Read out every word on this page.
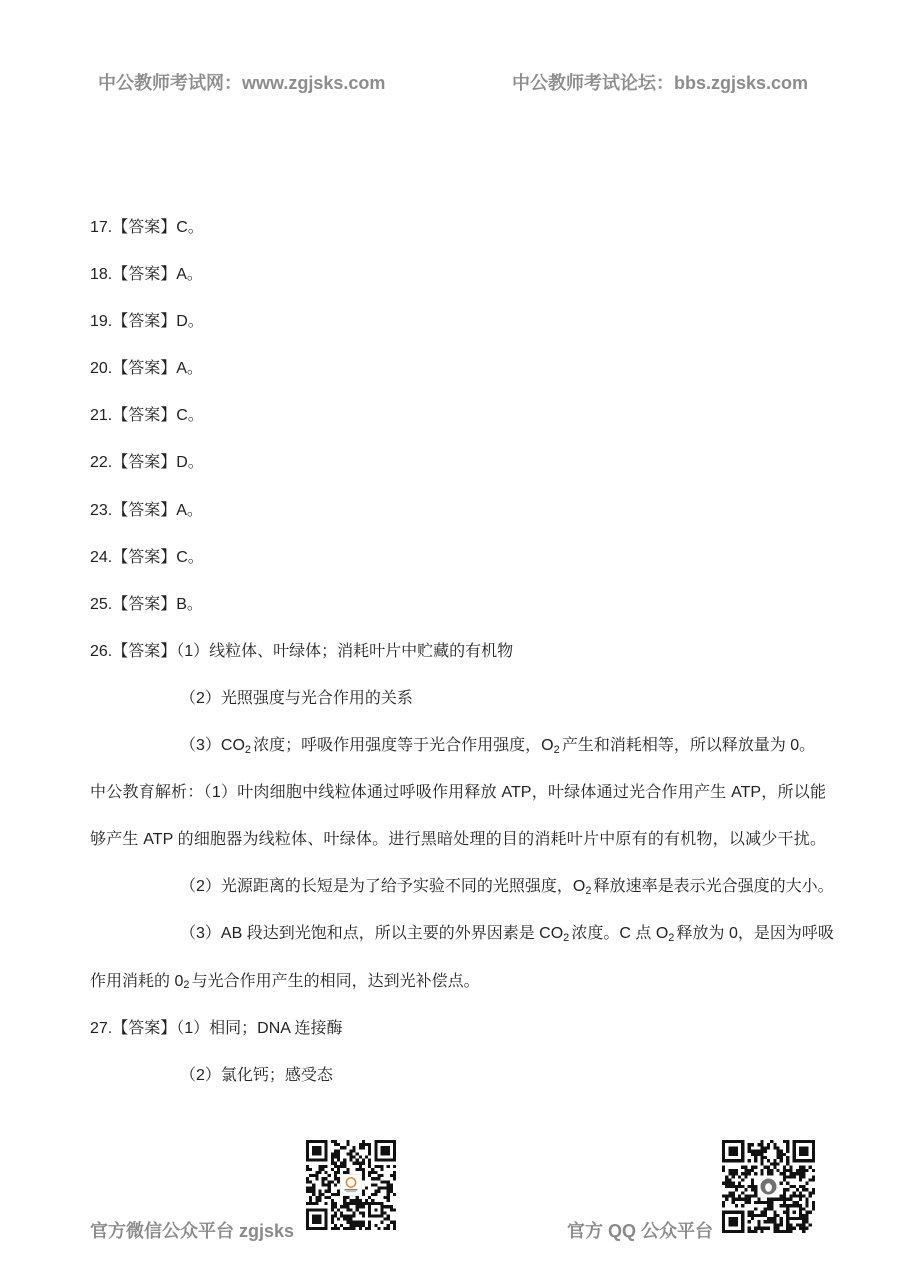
中公教师考试网：www.zgjsks.com	中公教师考试论坛：bbs.zgjsks.com
17.【答案】C。
18.【答案】A。
19.【答案】D。
20.【答案】A。
21.【答案】C。
22.【答案】D。
23.【答案】A。
24.【答案】C。
25.【答案】B。
26.【答案】（1）线粒体、叶绿体；消耗叶片中贮藏的有机物
（2）光照强度与光合作用的关系
$(3)CO_2$ 浓度；呼吸作用强度等于光合作用强度，$O_2$ 产生和消耗相等，所以释放量为 0。
中公教育解析：（1）叶肉细胞中线粒体通过呼吸作用释放 ATP，叶绿体通过光合作用产生 ATP，所以能
够产生 ATP 的细胞器为线粒体、叶绿体。进行黑暗处理的目的消耗叶片中原有的有机物，以减少干扰。
（2）光源距离的长短是为了给予实验不同的光照强度，$O_2$ 释放速率是表示光合强度的大小。
（3）AB 段达到光饱和点，所以主要的外界因素是 $CO_2$ 浓度。C 点 $O_2$ 释放为 0，是因为呼吸
作用消耗的 $0_2$ 与光合作用产生的相同，达到光补偿点。
27.【答案】（1）相同；DNA 连接酶
（2）氯化钙；感受态
官方微信公众平台 zgjsks	官方 QQ 公众平台
